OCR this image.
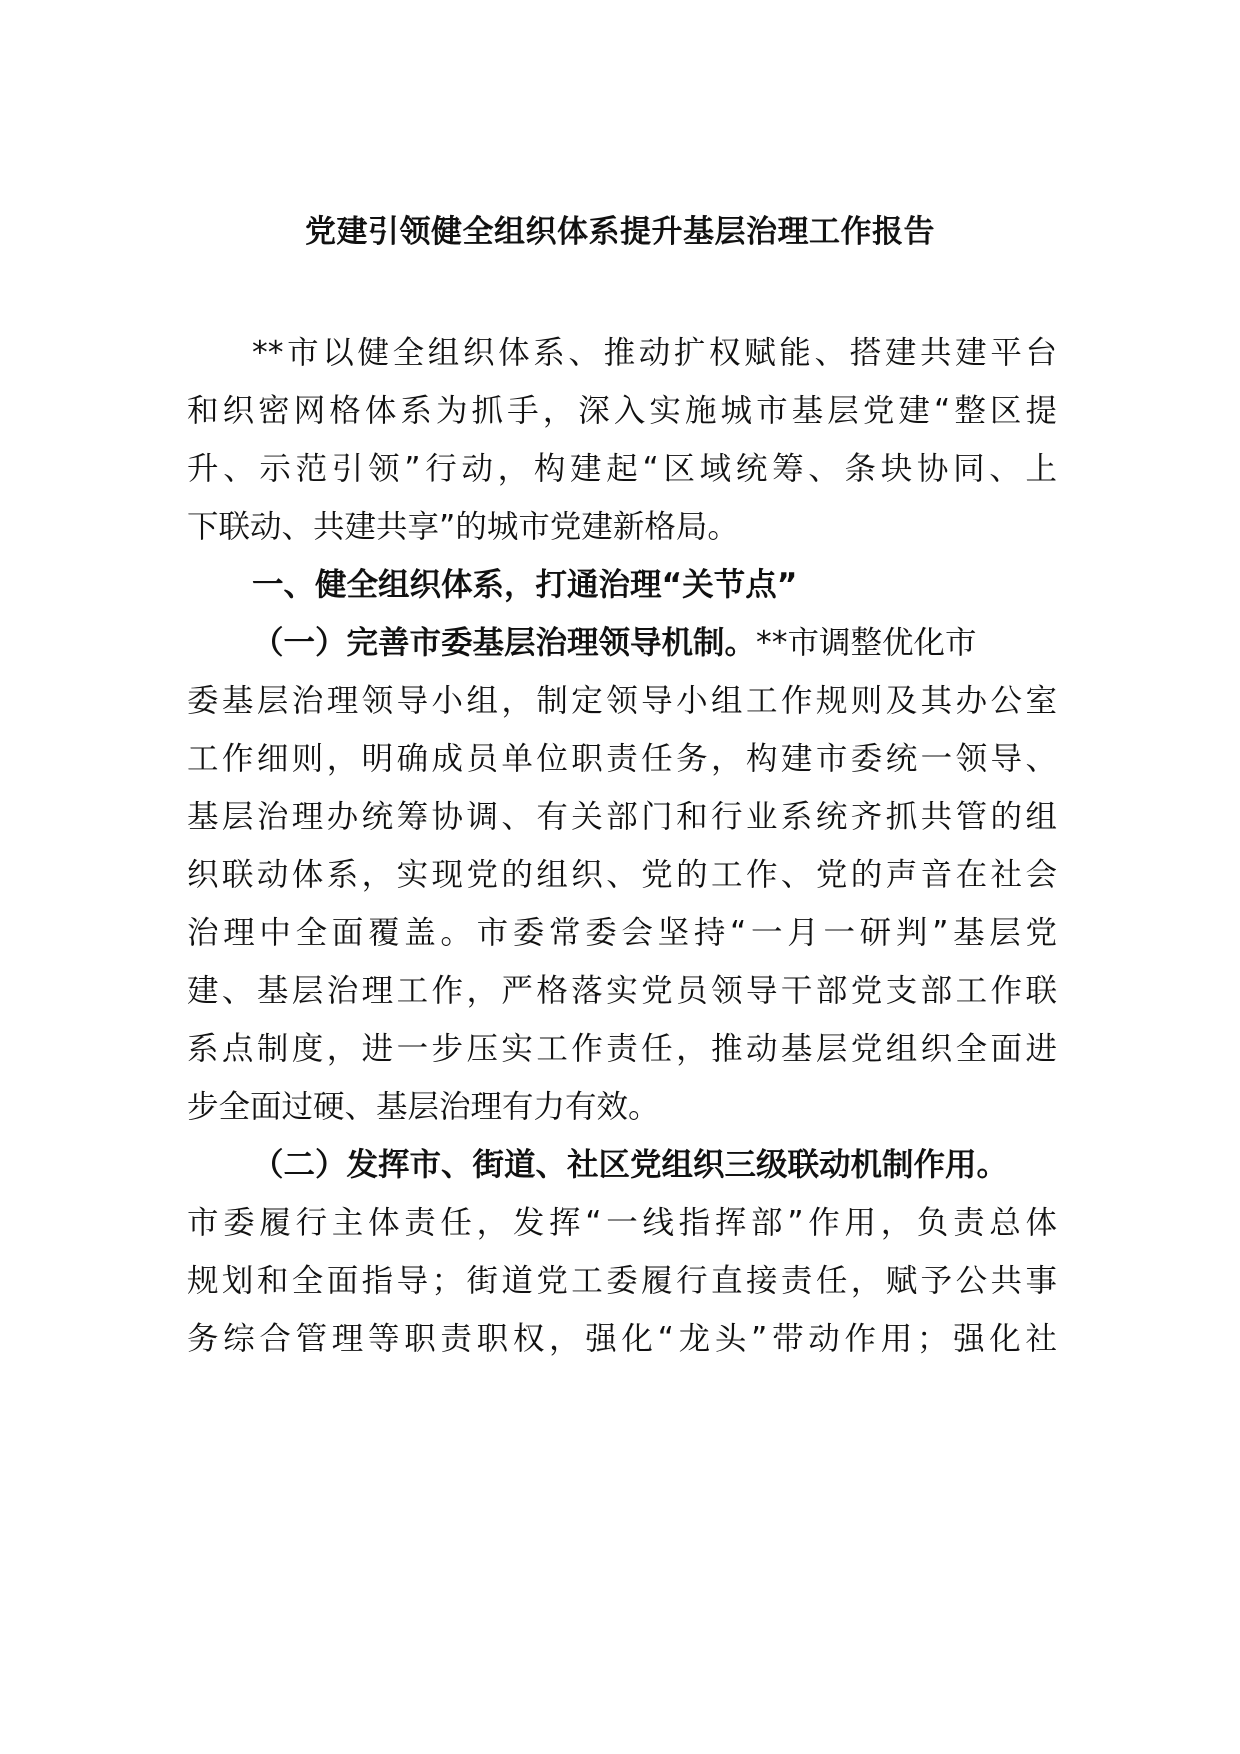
党建引领健全组织体系提升基层治理工作报告

**市以健全组织体系、推动扩权赋能、搭建共建平台

和织密网格体系为抓手，深入实施城市基层党建“整区提

升、示范引领”行动，构建起“区域统筹、条块协同、上

下联动、共建共享”的城市党建新格局。

一、健全组织体系，打通治理“关节点”

（一）完善市委基层治理领导机制。**市调整优化市

委基层治理领导小组，制定领导小组工作规则及其办公室

工作细则，明确成员单位职责任务，构建市委统一领导、

基层治理办统筹协调、有关部门和行业系统齐抓共管的组

织联动体系，实现党的组织、党的工作、党的声音在社会

治理中全面覆盖。市委常委会坚持“一月一研判”基层党

建、基层治理工作，严格落实党员领导干部党支部工作联

系点制度，进一步压实工作责任，推动基层党组织全面进

步全面过硬、基层治理有力有效。

（二）发挥市、街道、社区党组织三级联动机制作用。

市委履行主体责任，发挥“一线指挥部”作用，负责总体

规划和全面指导；街道党工委履行直接责任，赋予公共事

务综合管理等职责职权，强化“龙头”带动作用；强化社
